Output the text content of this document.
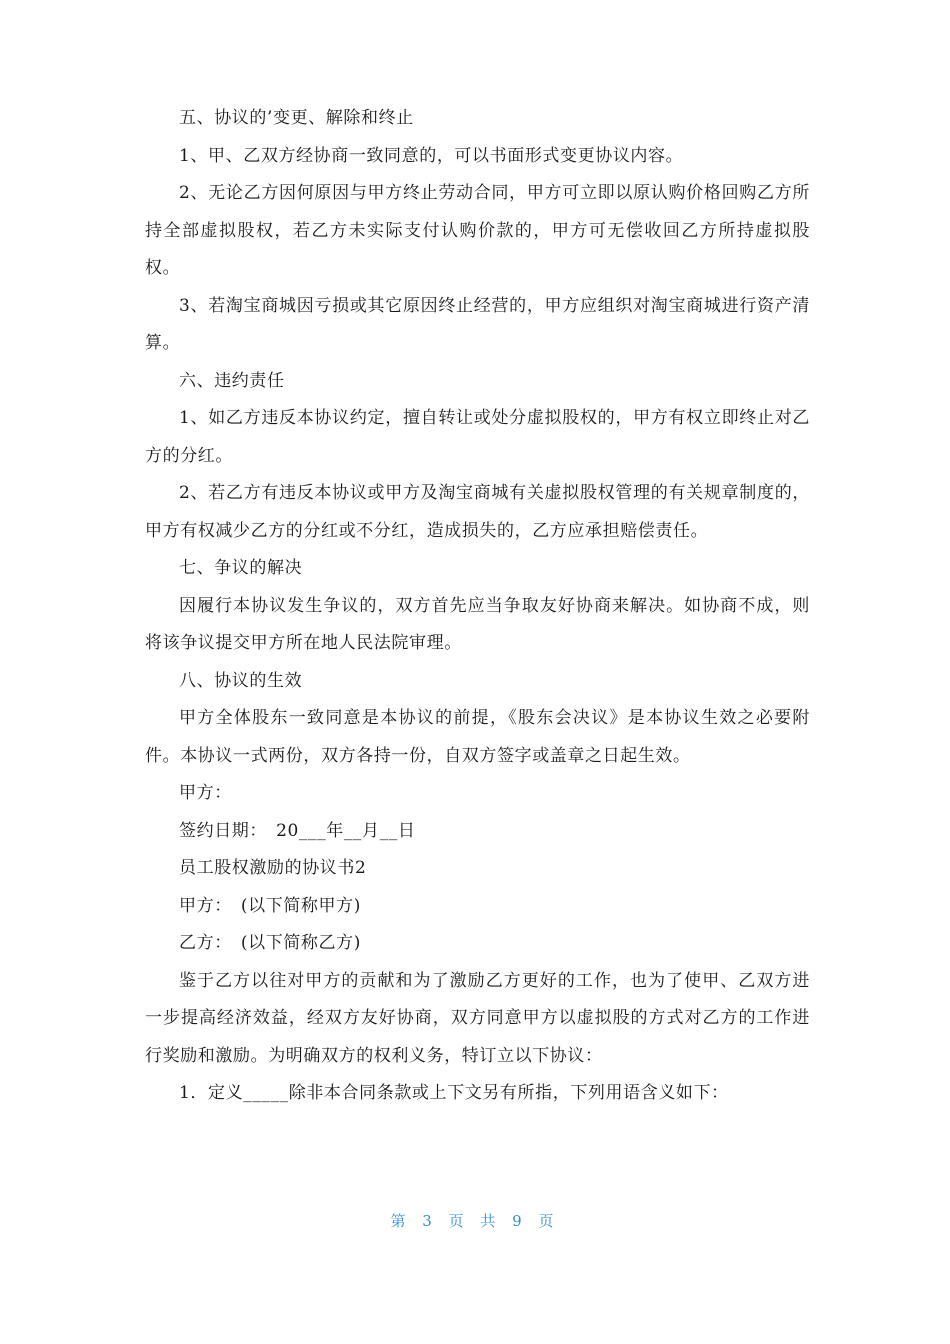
五、协议的’变更、解除和终止

1、甲、乙双方经协商一致同意的，可以书面形式变更协议内容。

2、无论乙方因何原因与甲方终止劳动合同，甲方可立即以原认购价格回购乙方所持全部虚拟股权，若乙方未实际支付认购价款的，甲方可无偿收回乙方所持虚拟股权。

3、若淘宝商城因亏损或其它原因终止经营的，甲方应组织对淘宝商城进行资产清算。

六、违约责任

1、如乙方违反本协议约定，擅自转让或处分虚拟股权的，甲方有权立即终止对乙方的分红。

2、若乙方有违反本协议或甲方及淘宝商城有关虚拟股权管理的有关规章制度的，甲方有权减少乙方的分红或不分红，造成损失的，乙方应承担赔偿责任。

七、争议的解决

因履行本协议发生争议的，双方首先应当争取友好协商来解决。如协商不成，则将该争议提交甲方所在地人民法院审理。

八、协议的生效

甲方全体股东一致同意是本协议的前提，《股东会决议》是本协议生效之必要附件。本协议一式两份，双方各持一份，自双方签字或盖章之日起生效。

甲方：

签约日期：　20___年__月__日

员工股权激励的协议书2

甲方：　(以下简称甲方)

乙方：　(以下简称乙方)

鉴于乙方以往对甲方的贡献和为了激励乙方更好的工作，也为了使甲、乙双方进一步提高经济效益，经双方友好协商，双方同意甲方以虚拟股的方式对乙方的工作进行奖励和激励。为明确双方的权利义务，特订立以下协议：

1．定义_____除非本合同条款或上下文另有所指，下列用语含义如下：

第 3 页 共 9 页
